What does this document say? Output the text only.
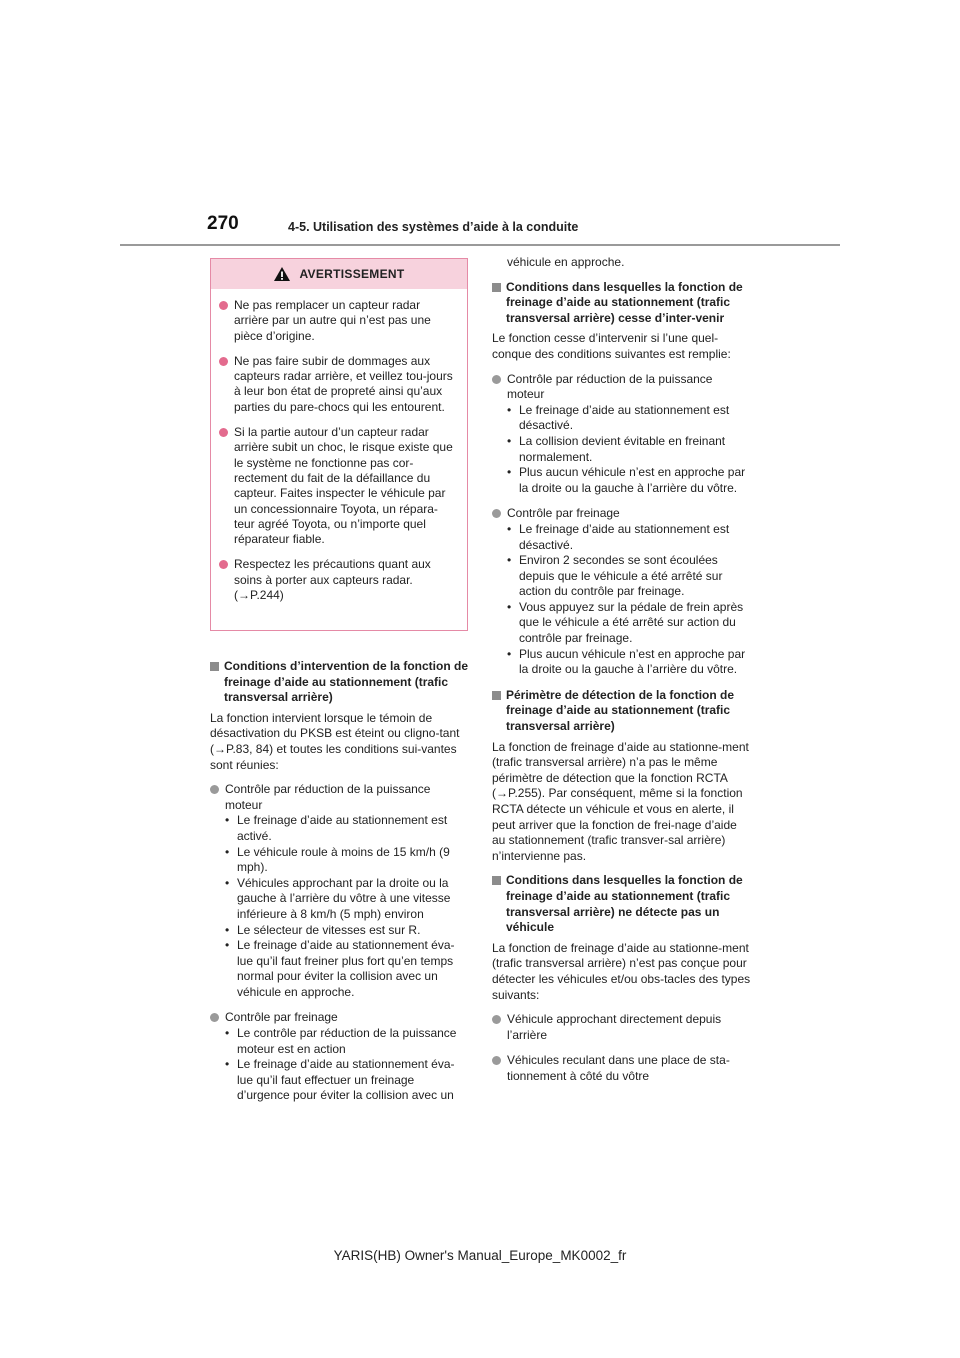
270	4-5. Utilisation des systèmes d’aide à la conduite
AVERTISSEMENT
Ne pas remplacer un capteur radar arrière par un autre qui n’est pas une pièce d’origine.
Ne pas faire subir de dommages aux capteurs radar arrière, et veillez tou-jours à leur bon état de propreté ainsi qu’aux parties du pare-chocs qui les entourent.
Si la partie autour d’un capteur radar arrière subit un choc, le risque existe que le système ne fonctionne pas cor-rectement du fait de la défaillance du capteur. Faites inspecter le véhicule par un concessionnaire Toyota, un répara-teur agréé Toyota, ou n’importe quel réparateur fiable.
Respectez les précautions quant aux soins à porter aux capteurs radar. (→P.244)
Conditions d’intervention de la fonction de freinage d’aide au stationnement (trafic transversal arrière)

La fonction intervient lorsque le témoin de désactivation du PKSB est éteint ou cligno-tant (→P.83, 84) et toutes les conditions sui-vantes sont réunies:

Contrôle par réduction de la puissance moteur
• Le freinage d’aide au stationnement est activé.
• Le véhicule roule à moins de 15 km/h (9 mph).
• Véhicules approchant par la droite ou la gauche à l’arrière du vôtre à une vitesse inférieure à 8 km/h (5 mph) environ
• Le sélecteur de vitesses est sur R.
• Le freinage d’aide au stationnement éva-lue qu’il faut freiner plus fort qu’en temps normal pour éviter la collision avec un véhicule en approche.
Contrôle par freinage
• Le contrôle par réduction de la puissance moteur est en action
• Le freinage d’aide au stationnement éva-lue qu’il faut effectuer un freinage d’urgence pour éviter la collision avec un

véhicule en approche.

Conditions dans lesquelles la fonction de freinage d’aide au stationnement (trafic transversal arrière) cesse d’inter-venir

Le fonction cesse d’intervenir si l’une quel-conque des conditions suivantes est remplie:

Contrôle par réduction de la puissance moteur
• Le freinage d’aide au stationnement est désactivé.
• La collision devient évitable en freinant normalement.
• Plus aucun véhicule n’est en approche par la droite ou la gauche à l’arrière du vôtre.
Contrôle par freinage
• Le freinage d’aide au stationnement est désactivé.
• Environ 2 secondes se sont écoulées depuis que le véhicule a été arrêté sur action du contrôle par freinage.
• Vous appuyez sur la pédale de frein après que le véhicule a été arrêté sur action du contrôle par freinage.
• Plus aucun véhicule n’est en approche par la droite ou la gauche à l’arrière du vôtre.
Périmètre de détection de la fonction de freinage d’aide au stationnement (trafic transversal arrière)

La fonction de freinage d’aide au stationne-ment (trafic transversal arrière) n’a pas le même périmètre de détection que la fonction RCTA (→P.255). Par conséquent, même si la fonction RCTA détecte un véhicule et vous en alerte, il peut arriver que la fonction de frei-nage d’aide au stationnement (trafic transver-sal arrière) n’intervienne pas.

Conditions dans lesquelles la fonction de freinage d’aide au stationnement (trafic transversal arrière) ne détecte pas un véhicule

La fonction de freinage d’aide au stationne-ment (trafic transversal arrière) n’est pas conçue pour détecter les véhicules et/ou obs-tacles des types suivants:

Véhicule approchant directement depuis l’arrière
Véhicules reculant dans une place de sta-tionnement à côté du vôtre
YARIS(HB) Owner's Manual_Europe_MK0002_fr
